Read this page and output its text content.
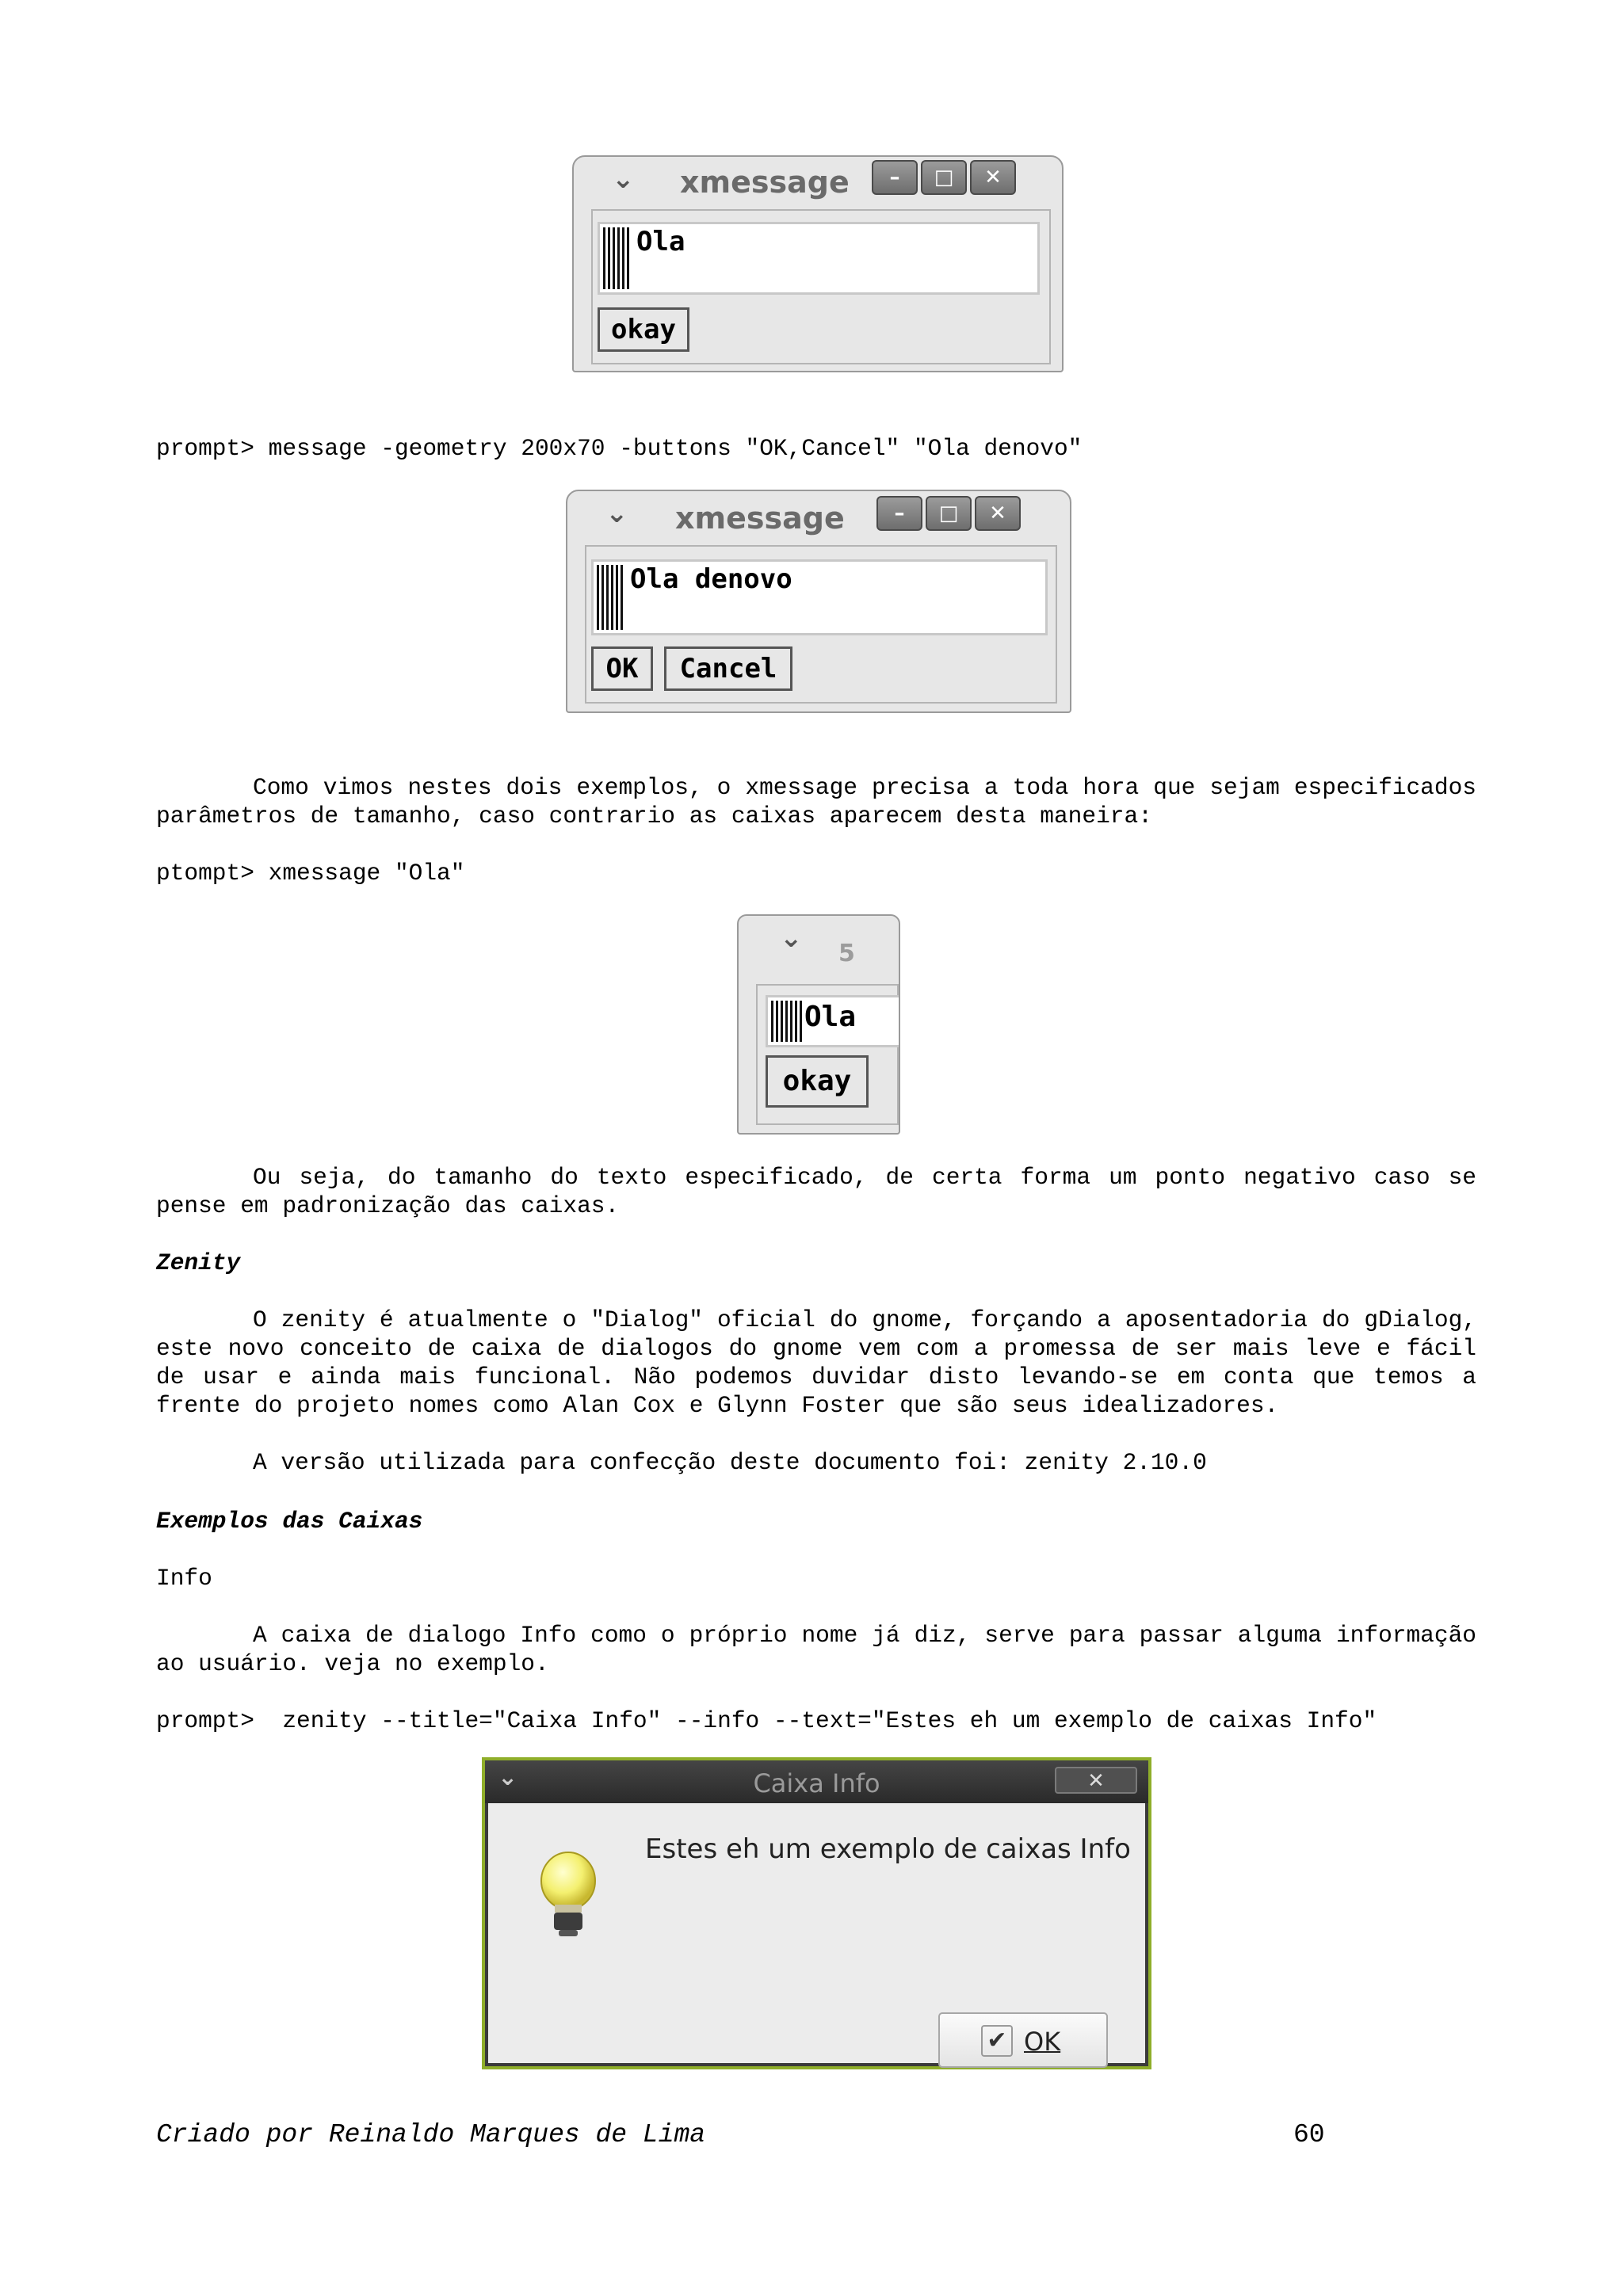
⌄ xmessage	–	□	✕
Ola
okay
prompt> message -geometry 200x70 -buttons "OK,Cancel" "Ola denovo"
⌄ xmessage	–	□	✕
Ola denovo
OK	Cancel
Como vimos nestes dois exemplos, o xmessage precisa a toda hora que sejam especificados parâmetros de tamanho, caso contrario as caixas aparecem desta maneira:
ptompt> xmessage "Ola"
⌄ 5
Ola
okay
Ou seja, do tamanho do texto especificado, de certa forma um ponto negativo caso se pense em padronização das caixas.
Zenity
O zenity é atualmente o "Dialog" oficial do gnome, forçando a aposentadoria do gDialog, este novo conceito de caixa de dialogos do gnome vem com a promessa de ser mais leve e fácil de usar e ainda mais funcional. Não podemos duvidar disto levando-se em conta que temos a frente do projeto nomes como Alan Cox e Glynn Foster que são seus idealizadores.
A versão utilizada para confecção deste documento foi: zenity 2.10.0
Exemplos das Caixas
Info
A caixa de dialogo Info como o próprio nome já diz, serve para passar alguma informação ao usuário. veja no exemplo.
prompt>  zenity --title="Caixa Info" --info --text="Estes eh um exemplo de caixas Info"
⌄	Caixa Info	✕
Estes eh um exemplo de caixas Info
✔ OK
Criado por Reinaldo Marques de Lima	60
